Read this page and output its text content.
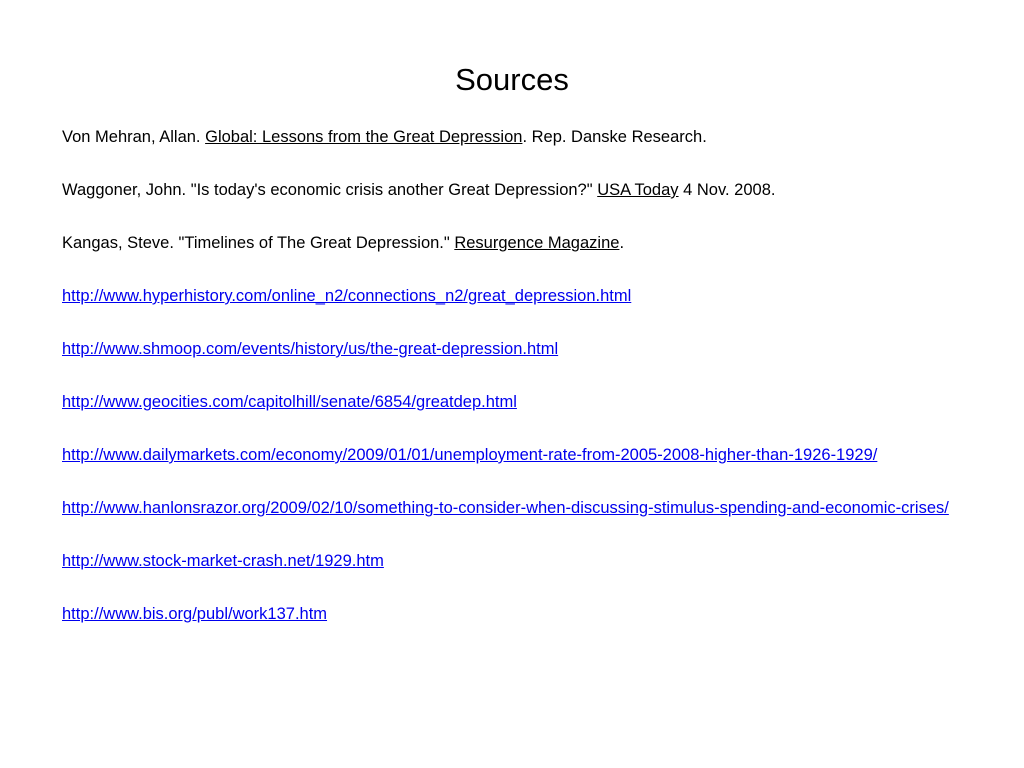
Sources
Von Mehran, Allan. Global: Lessons from the Great Depression. Rep. Danske Research.
Waggoner, John. "Is today's economic crisis another Great Depression?" USA Today 4 Nov. 2008.
Kangas, Steve. "Timelines of The Great Depression." Resurgence Magazine.
http://www.hyperhistory.com/online_n2/connections_n2/great_depression.html
http://www.shmoop.com/events/history/us/the-great-depression.html
http://www.geocities.com/capitolhill/senate/6854/greatdep.html
http://www.dailymarkets.com/economy/2009/01/01/unemployment-rate-from-2005-2008-higher-than-1926-1929/
http://www.hanlonsrazor.org/2009/02/10/something-to-consider-when-discussing-stimulus-spending-and-economic-crises/
http://www.stock-market-crash.net/1929.htm
http://www.bis.org/publ/work137.htm
